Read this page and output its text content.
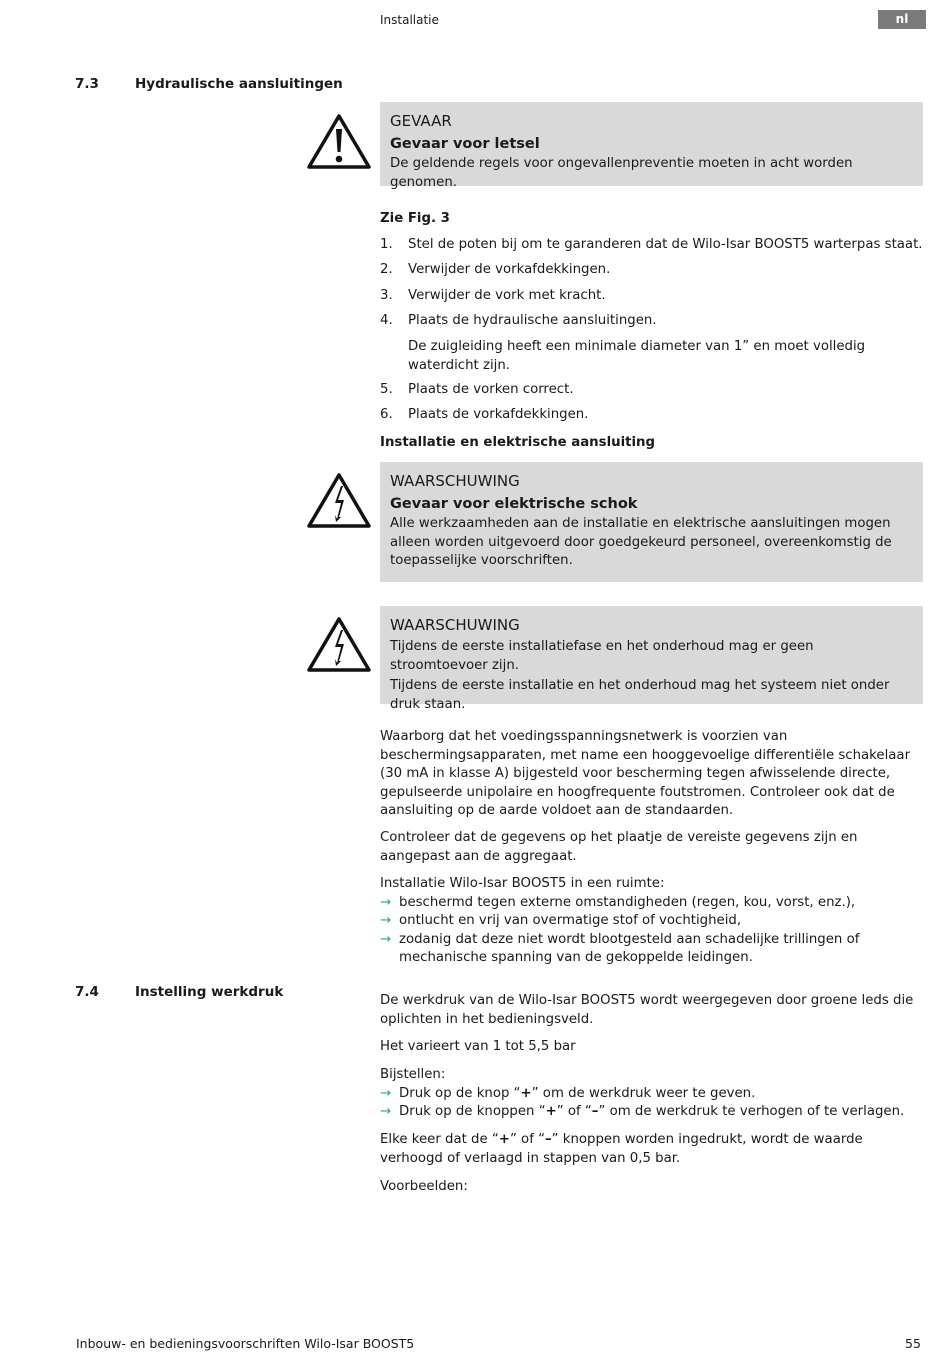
Installatie	nl
7.3	Hydraulische aansluitingen
GEVAAR
Gevaar voor letsel
De geldende regels voor ongevallenpreventie moeten in acht worden genomen.
Zie Fig. 3
1. Stel de poten bij om te garanderen dat de Wilo-Isar BOOST5 warterpas staat.
2. Verwijder de vorkafdekkingen.
3. Verwijder de vork met kracht.
4. Plaats de hydraulische aansluitingen.
De zuigleiding heeft een minimale diameter van 1” en moet volledig waterdicht zijn.
5. Plaats de vorken correct.
6. Plaats de vorkafdekkingen.
Installatie en elektrische aansluiting
WAARSCHUWING
Gevaar voor elektrische schok
Alle werkzaamheden aan de installatie en elektrische aansluitingen mogen alleen worden uitgevoerd door goedgekeurd personeel, overeenkomstig de toepasselijke voorschriften.
WAARSCHUWING

Tijdens de eerste installatiefase en het onderhoud mag er geen stroomtoevoer zijn.

Tijdens de eerste installatie en het onderhoud mag het systeem niet onder druk staan.

Waarborg dat het voedingsspanningsnetwerk is voorzien van beschermingsapparaten, met name een hooggevoelige differentiële schakelaar (30 mA in klasse A) bijgesteld voor bescherming tegen afwisselende directe, gepulseerde unipolaire en hoogfrequente foutstromen. Controleer ook dat de aansluiting op de aarde voldoet aan de standaarden.
Controleer dat de gegevens op het plaatje de vereiste gegevens zijn en aangepast aan de aggregaat.

Installatie Wilo-Isar BOOST5 in een ruimte:

→ beschermd tegen externe omstandigheden (regen, kou, vorst, enz.),
→ ontlucht en vrij van overmatige stof of vochtigheid,
→ zodanig dat deze niet wordt blootgesteld aan schadelijke trillingen of mechanische spanning van de gekoppelde leidingen.
7.4	Instelling werkdruk
De werkdruk van de Wilo-Isar BOOST5 wordt weergegeven door groene leds die oplichten in het bedieningsveld.
Het varieert van 1 tot 5,5 bar

Bijstellen:

→ Druk op de knop “+” om de werkdruk weer te geven.
→ Druk op de knoppen “+” of “–” om de werkdruk te verhogen of te verlagen.
Elke keer dat de “+” of “–” knoppen worden ingedrukt, wordt de waarde verhoogd of verlaagd in stappen van 0,5 bar.
Voorbeelden:
Inbouw- en bedieningsvoorschriften Wilo-Isar BOOST5	55
